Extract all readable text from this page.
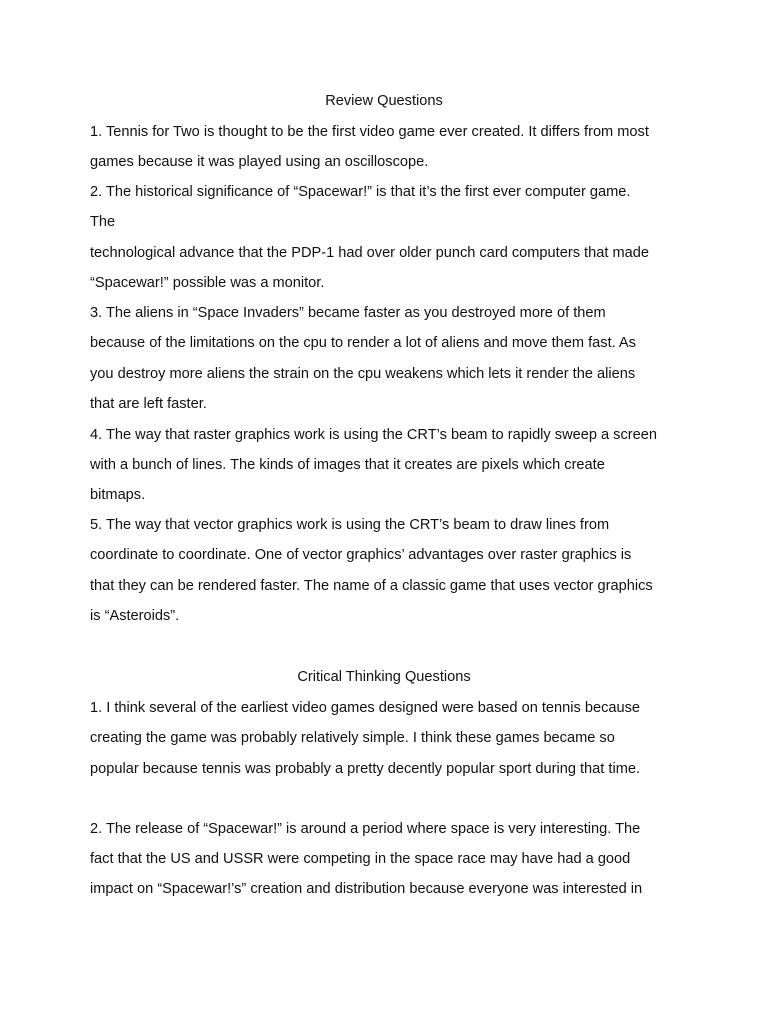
Review Questions
1. Tennis for Two is thought to be the first video game ever created. It differs from most
games because it was played using an oscilloscope.
2. The historical significance of “Spacewar!” is that it’s the first ever computer game.
The
technological advance that the PDP-1 had over older punch card computers that made
“Spacewar!” possible was a monitor.
3. The aliens in “Space Invaders” became faster as you destroyed more of them
because of the limitations on the cpu to render a lot of aliens and move them fast. As
you destroy more aliens the strain on the cpu weakens which lets it render the aliens
that are left faster.
4. The way that raster graphics work is using the CRT’s beam to rapidly sweep a screen
with a bunch of lines. The kinds of images that it creates are pixels which create
bitmaps.
5. The way that vector graphics work is using the CRT’s beam to draw lines from
coordinate to coordinate. One of vector graphics’ advantages over raster graphics is
that they can be rendered faster. The name of a classic game that uses vector graphics
is “Asteroids”.
Critical Thinking Questions
1. I think several of the earliest video games designed were based on tennis because
creating the game was probably relatively simple. I think these games became so
popular because tennis was probably a pretty decently popular sport during that time.
2. The release of “Spacewar!” is around a period where space is very interesting. The
fact that the US and USSR were competing in the space race may have had a good
impact on “Spacewar!’s” creation and distribution because everyone was interested in
